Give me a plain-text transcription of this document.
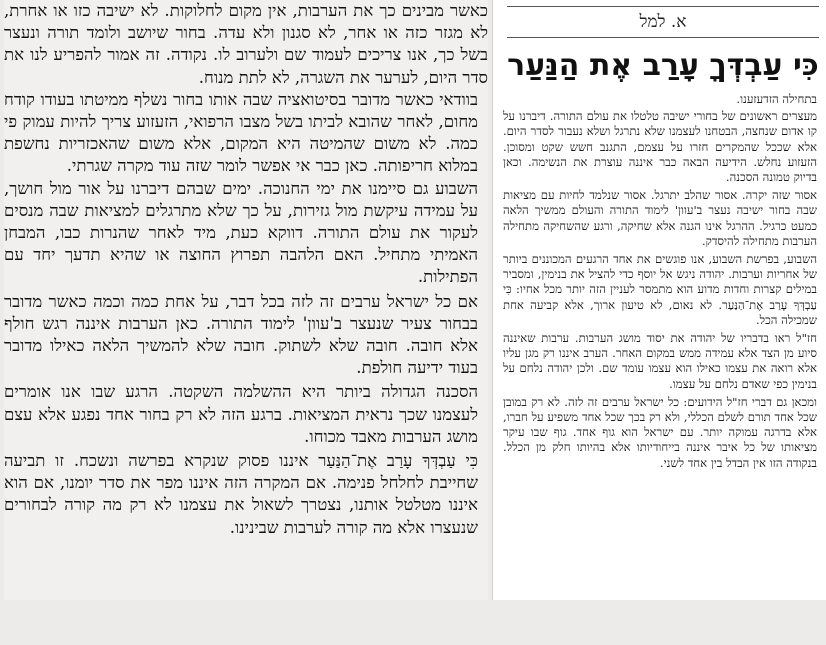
כאשר מבינים כך את הערבות, אין מקום לחלוקות. לא ישיבה כזו או אחרת, לא מגזר כזה או אחר, לא סגנון ולא עדה. בחור שיושב ולומד תורה ונעצר בשל כך, אנו צריכים לעמוד שם ולערוב לו. נקודה. זה אמור להפריע לנו את סדר היום, לערער את השגרה, לא לתת מנוח.

בוודאי כאשר מדובר בסיטואציה שבה אותו בחור נשלף ממיטתו בעודו קודח מחום, לאחר שהובא לביתו בשל מצבו הרפואי, הזעזוע צריך להיות עמוק פי כמה. לא משום שהמיטה היא המקום, אלא משום שהאכזריות נחשפת במלוא חריפותה. כאן כבר אי אפשר לומר שזה עוד מקרה שגרתי.

השבוע גם סיימנו את ימי החנוכה. ימים שבהם דיברנו על אור מול חושך, על עמידה עיקשת מול גזירות, על כך שלא מתרגלים למציאות שבה מנסים לעקור את עולם התורה. דווקא כעת, מיד לאחר שהנרות כבו, המבחן האמיתי מתחיל. האם הלהבה תפרוץ החוצה או שהיא תדעך יחד עם הפתילות.

אם כל ישראל ערבים זה לזה בכל דבר, על אחת כמה וכמה כאשר מדובר בבחור צעיר שנעצר ב'עוון' לימוד התורה. כאן הערבות איננה רגש חולף אלא חובה. חובה שלא לשתוק. חובה שלא להמשיך הלאה כאילו מדובר בעוד ידיעה חולפת.

הסכנה הגדולה ביותר היא ההשלמה השקטה. הרגע שבו אנו אומרים לעצמנו שכך נראית המציאות. ברגע הזה לא רק בחור אחד נפגע אלא עצם מושג הערבות מאבד מכוחו.

כִּי עַבְדְּךָ עָרַב אֶת־הַנַּעַר איננו פסוק שנקרא בפרשה ונשכח. זו תביעה שחייבת לחלחל פנימה. אם המקרה הזה איננו מפר את סדר יומנו, אם הוא איננו מטלטל אותנו, נצטרך לשאול את עצמנו לא רק מה קורה לבחורים שנעצרו אלא מה קורה לערבות שבינינו.

א. למל
כִּי עַבְדְּךָ עָרַב אֶת הַנַּעַר

בתחילה הזדעזענו.

מעצרים ראשונים של בחורי ישיבה טלטלו את עולם התורה. דיברנו על קו אדום שנחצה, הבטחנו לעצמנו שלא נתרגל ושלא נעבור לסדר היום. אלא שככל שהמקרים חזרו על עצמם, התגנב חשש שקט ומסוכן. הזעזוע נחלש. הידיעה הבאה כבר איננה עוצרת את הנשימה. וכאן בדיוק טמונה הסכנה.

אסור שזה יקרה. אסור שהלב יתרגל. אסור שנלמד לחיות עם מציאות שבה בחור ישיבה נעצר ב'עוון' לימוד התורה והעולם ממשיך הלאה כמעט כרגיל. ההרגל אינו הגנה אלא שחיקה, ורגע שהשחיקה מתחילה הערבות מתחילה להיסדק.

השבוע, בפרשת השבוע, אנו פוגשים את אחד הרגעים המכוננים ביותר של אחריות וערבות. יהודה ניגש אל יוסף כדי להציל את בנימין, ומסביר במילים קצרות וחדות מדוע הוא מתמסר לעניין הזה יותר מכל אחיו: כִּי עַבְדְּךָ עָרַב אֶת־הַנַּעַר. לא נאום, לא טיעון ארוך, אלא קביעה אחת שמכילה הכל.

חז"ל ראו בדבריו של יהודה את יסוד מושג הערבות. ערבות שאיננה סיוע מן הצד אלא עמידה ממש במקום האחר. הערב איננו רק מגן עליו אלא רואה את עצמו כאילו הוא עצמו עומד שם. ולכן יהודה נלחם על בנימין כפי שאדם נלחם על עצמו.

ומכאן גם דברי חז"ל הידועים: כל ישראל ערבים זה לזה. לא רק במובן שכל אחד תורם לשלם הכללי, ולא רק בכך שכל אחד משפיע על חברו, אלא בדרגה עמוקה יותר. עם ישראל הוא גוף אחד. גוף שבו עיקר מציאותו של כל איבר איננה בייחודיותו אלא בהיותו חלק מן הכלל. בנקודה הזו אין הבדל בין אחד לשני.
